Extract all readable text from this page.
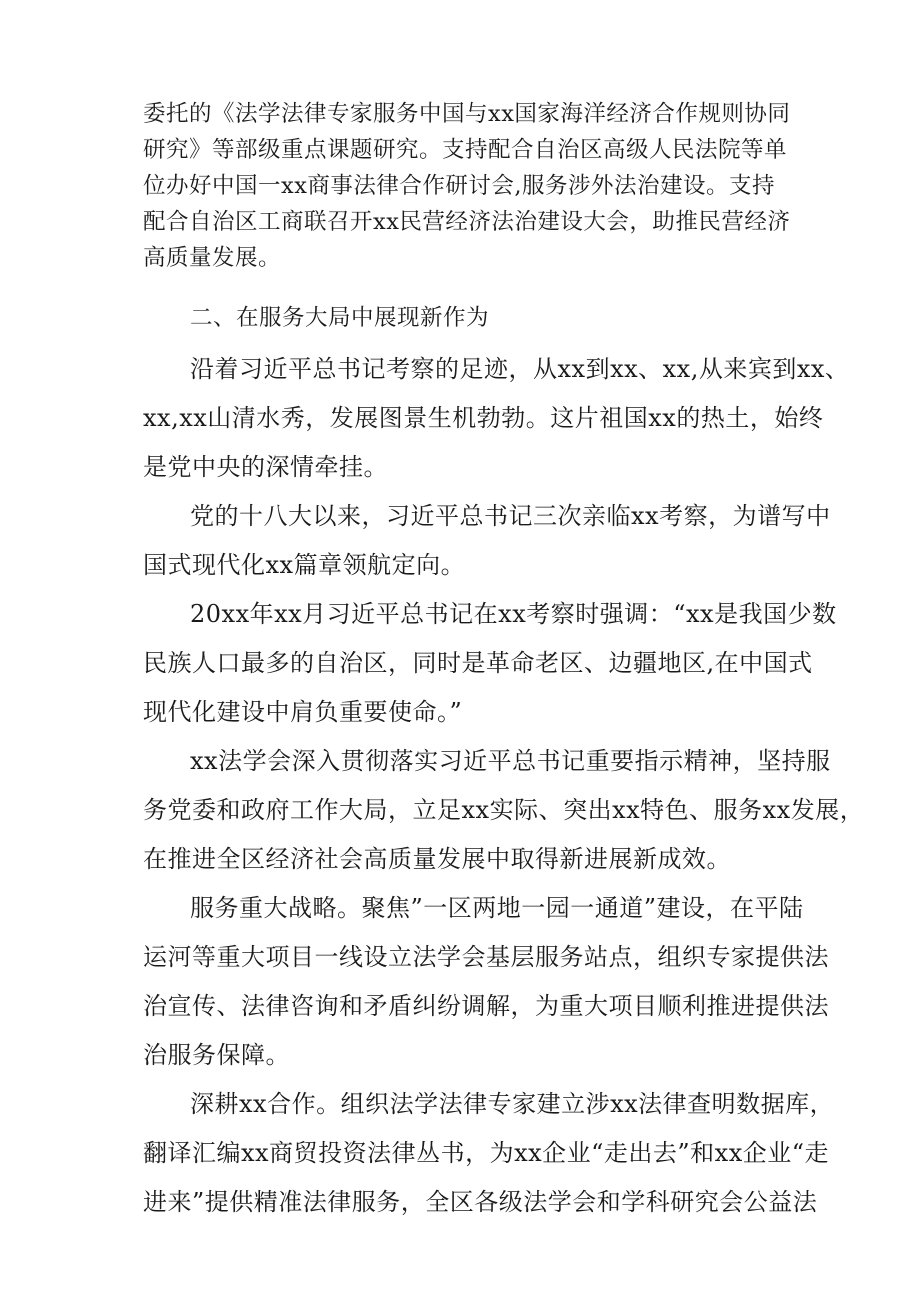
委托的《法学法律专家服务中国与xx国家海洋经济合作规则协同

研究》等部级重点课题研究。支持配合自治区高级人民法院等单

位办好中国一xx商事法律合作研讨会,服务涉外法治建设。支持

配合自治区工商联召开xx民营经济法治建设大会，助推民营经济

高质量发展。

二、在服务大局中展现新作为

沿着习近平总书记考察的足迹，从xx到xx、xx,从来宾到xx、

xx,xx山清水秀，发展图景生机勃勃。这片祖国xx的热土，始终

是党中央的深情牵挂。

党的十八大以来，习近平总书记三次亲临xx考察，为谱写中

国式现代化xx篇章领航定向。

20xx年xx月习近平总书记在xx考察时强调：“xx是我国少数

民族人口最多的自治区，同时是革命老区、边疆地区,在中国式

现代化建设中肩负重要使命。”

xx法学会深入贯彻落实习近平总书记重要指示精神，坚持服

务党委和政府工作大局，立足xx实际、突出xx特色、服务xx发展，

在推进全区经济社会高质量发展中取得新进展新成效。

服务重大战略。聚焦”一区两地一园一通道”建设，在平陆

运河等重大项目一线设立法学会基层服务站点，组织专家提供法

治宣传、法律咨询和矛盾纠纷调解，为重大项目顺利推进提供法

治服务保障。

深耕xx合作。组织法学法律专家建立涉xx法律查明数据库，

翻译汇编xx商贸投资法律丛书，为xx企业“走出去”和xx企业“走

进来”提供精准法律服务，全区各级法学会和学科研究会公益法
